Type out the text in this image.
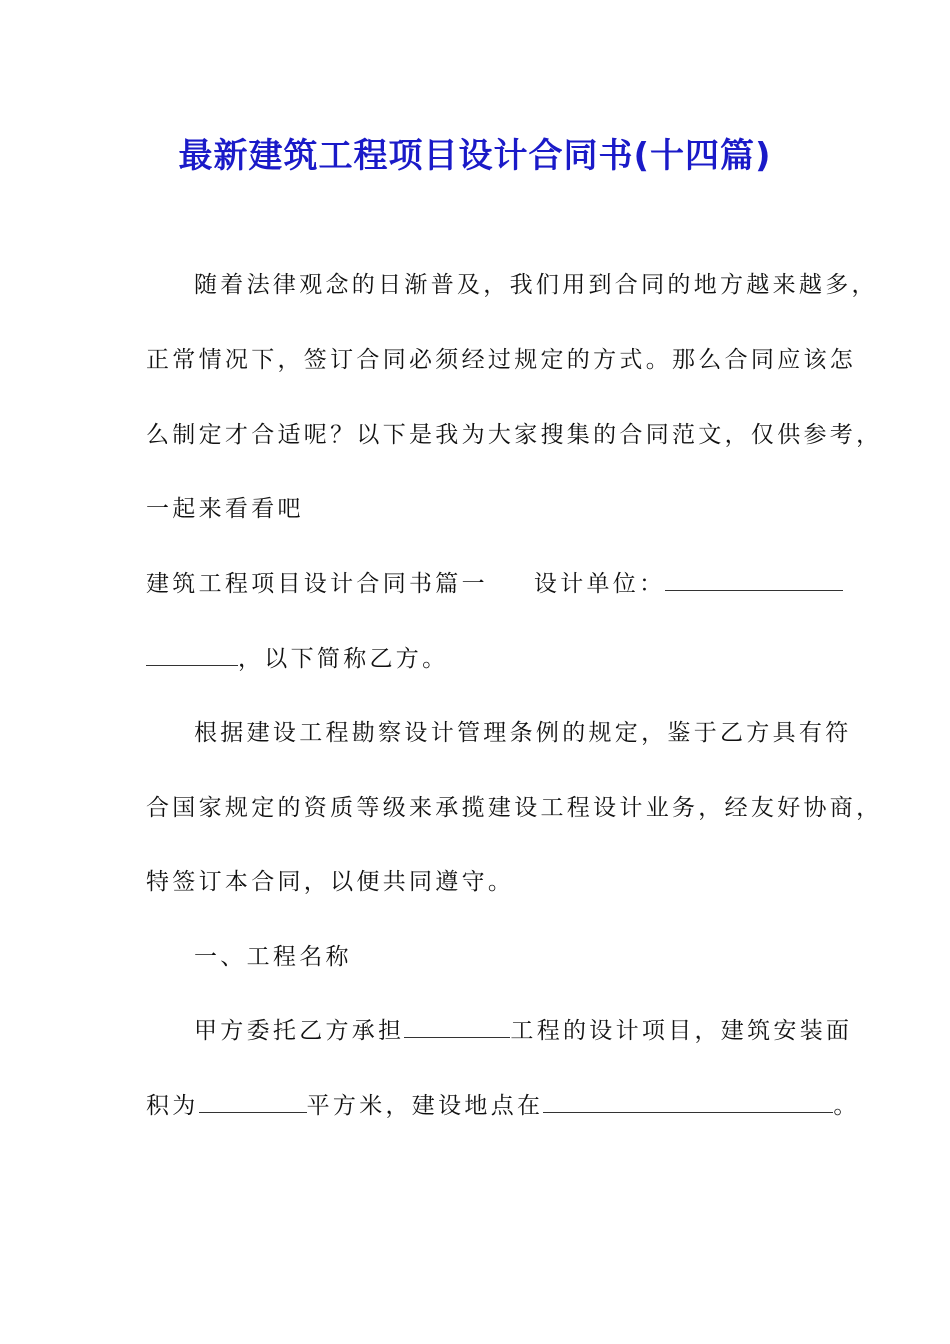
最新建筑工程项目设计合同书(十四篇)
随着法律观念的日渐普及，我们用到合同的地方越来越多，
正常情况下，签订合同必须经过规定的方式。那么合同应该怎
么制定才合适呢？以下是我为大家搜集的合同范文，仅供参考，
一起来看看吧
建筑工程项目设计合同书篇一 设计单位：
，以下简称乙方。
根据建设工程勘察设计管理条例的规定，鉴于乙方具有符
合国家规定的资质等级来承揽建设工程设计业务，经友好协商，
特签订本合同，以便共同遵守。
一、工程名称
甲方委托乙方承担	工程的设计项目，建筑安装面
积为	平方米，建设地点在	。
